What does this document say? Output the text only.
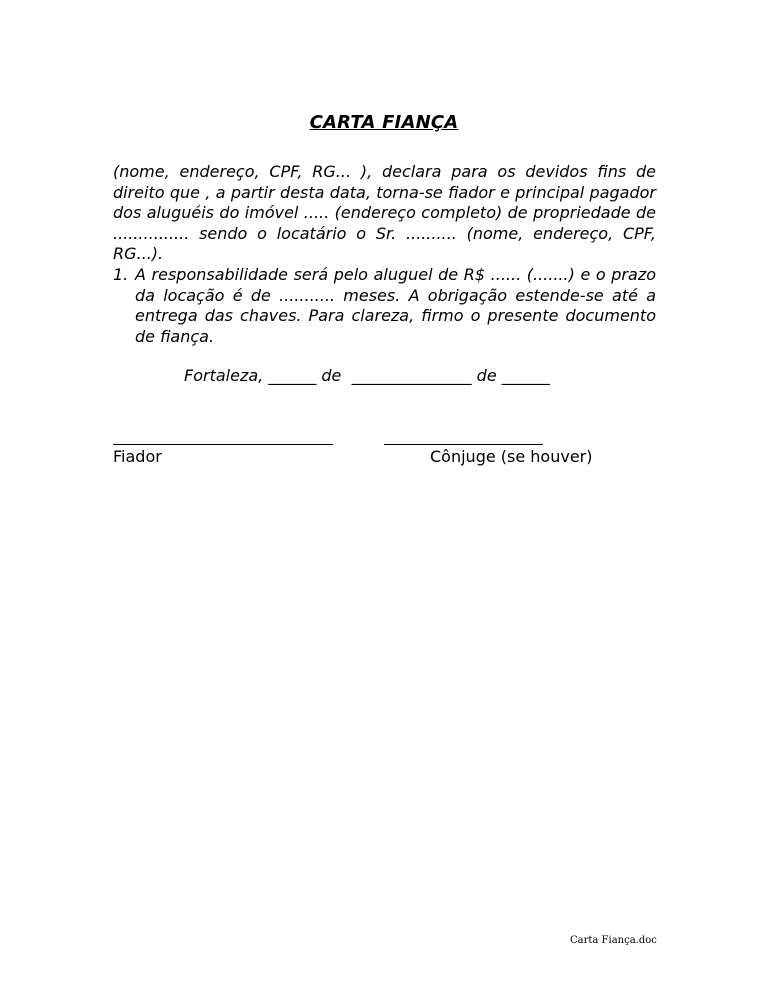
CARTA FIANÇA
(nome, endereço, CPF, RG... ), declara para os devidos fins de direito que , a partir desta data, torna-se fiador e principal pagador dos aluguéis do imóvel ..... (endereço completo) de propriedade de ............... sendo o locatário o Sr. .......... (nome, endereço, CPF, RG...).
1. A responsabilidade será pelo aluguel de R$ ...... (.......) e o prazo da locação é de ........... meses. A obrigação estende-se até a entrega das chaves. Para clareza, firmo o presente documento de fiança.
Fortaleza, ______ de  _______________ de ______
Fiador	Cônjuge (se houver)
Carta Fiança.doc
